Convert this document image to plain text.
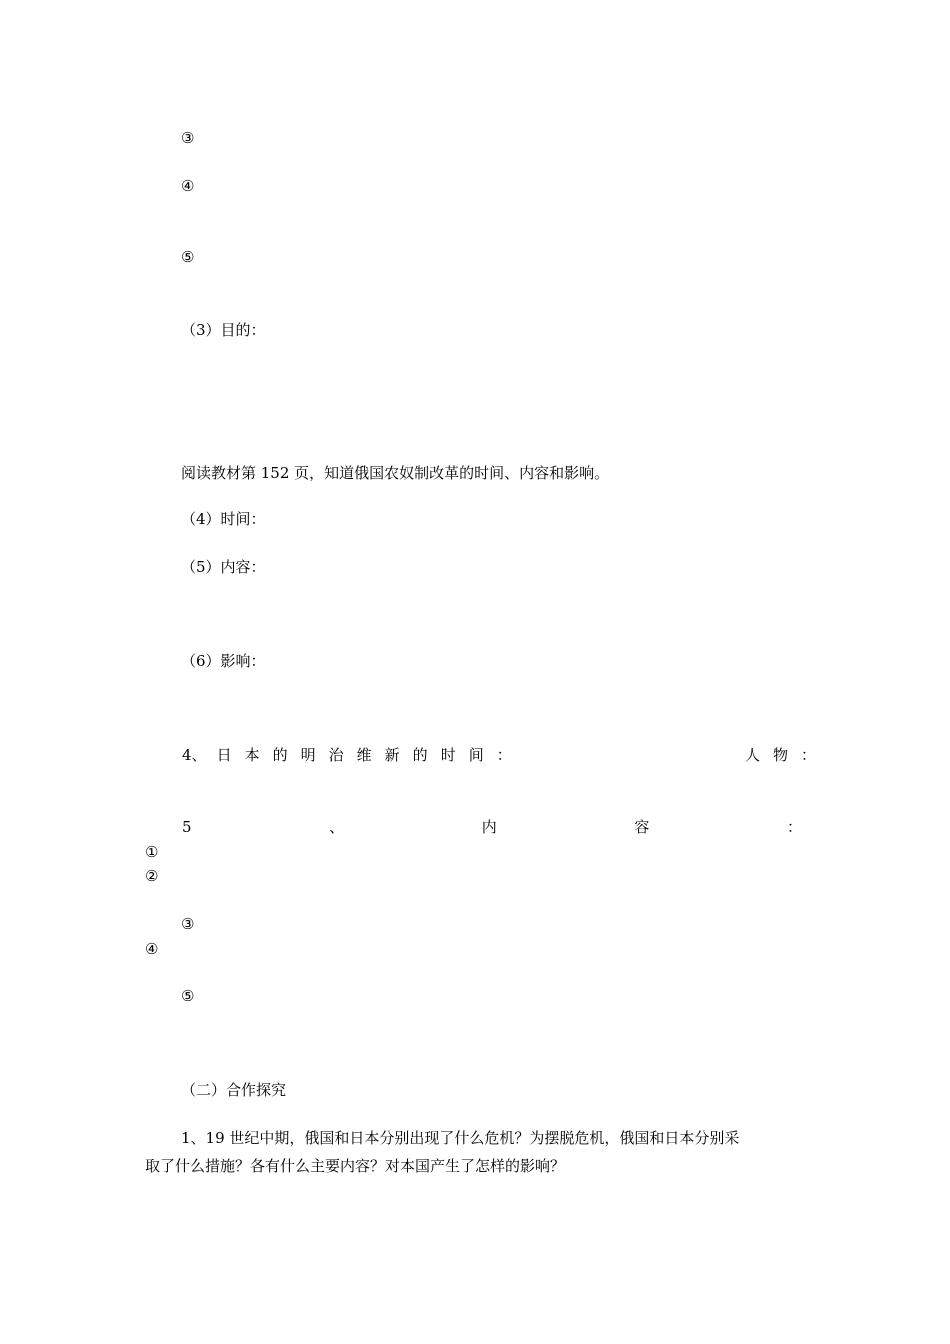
③
④
⑤
（3）目的：
阅读教材第 152 页，知道俄国农奴制改革的时间、内容和影响。
（4）时间：
（5）内容：
（6）影响：
4 、 日 本 的 明 治 维 新 的 时 间 ：	人 物 ：
5	、	内	容	：
①
②
③
④
⑤
（二）合作探究
1、19 世纪中期，俄国和日本分别出现了什么危机？为摆脱危机，俄国和日本分别采
取了什么措施？各有什么主要内容？对本国产生了怎样的影响？
